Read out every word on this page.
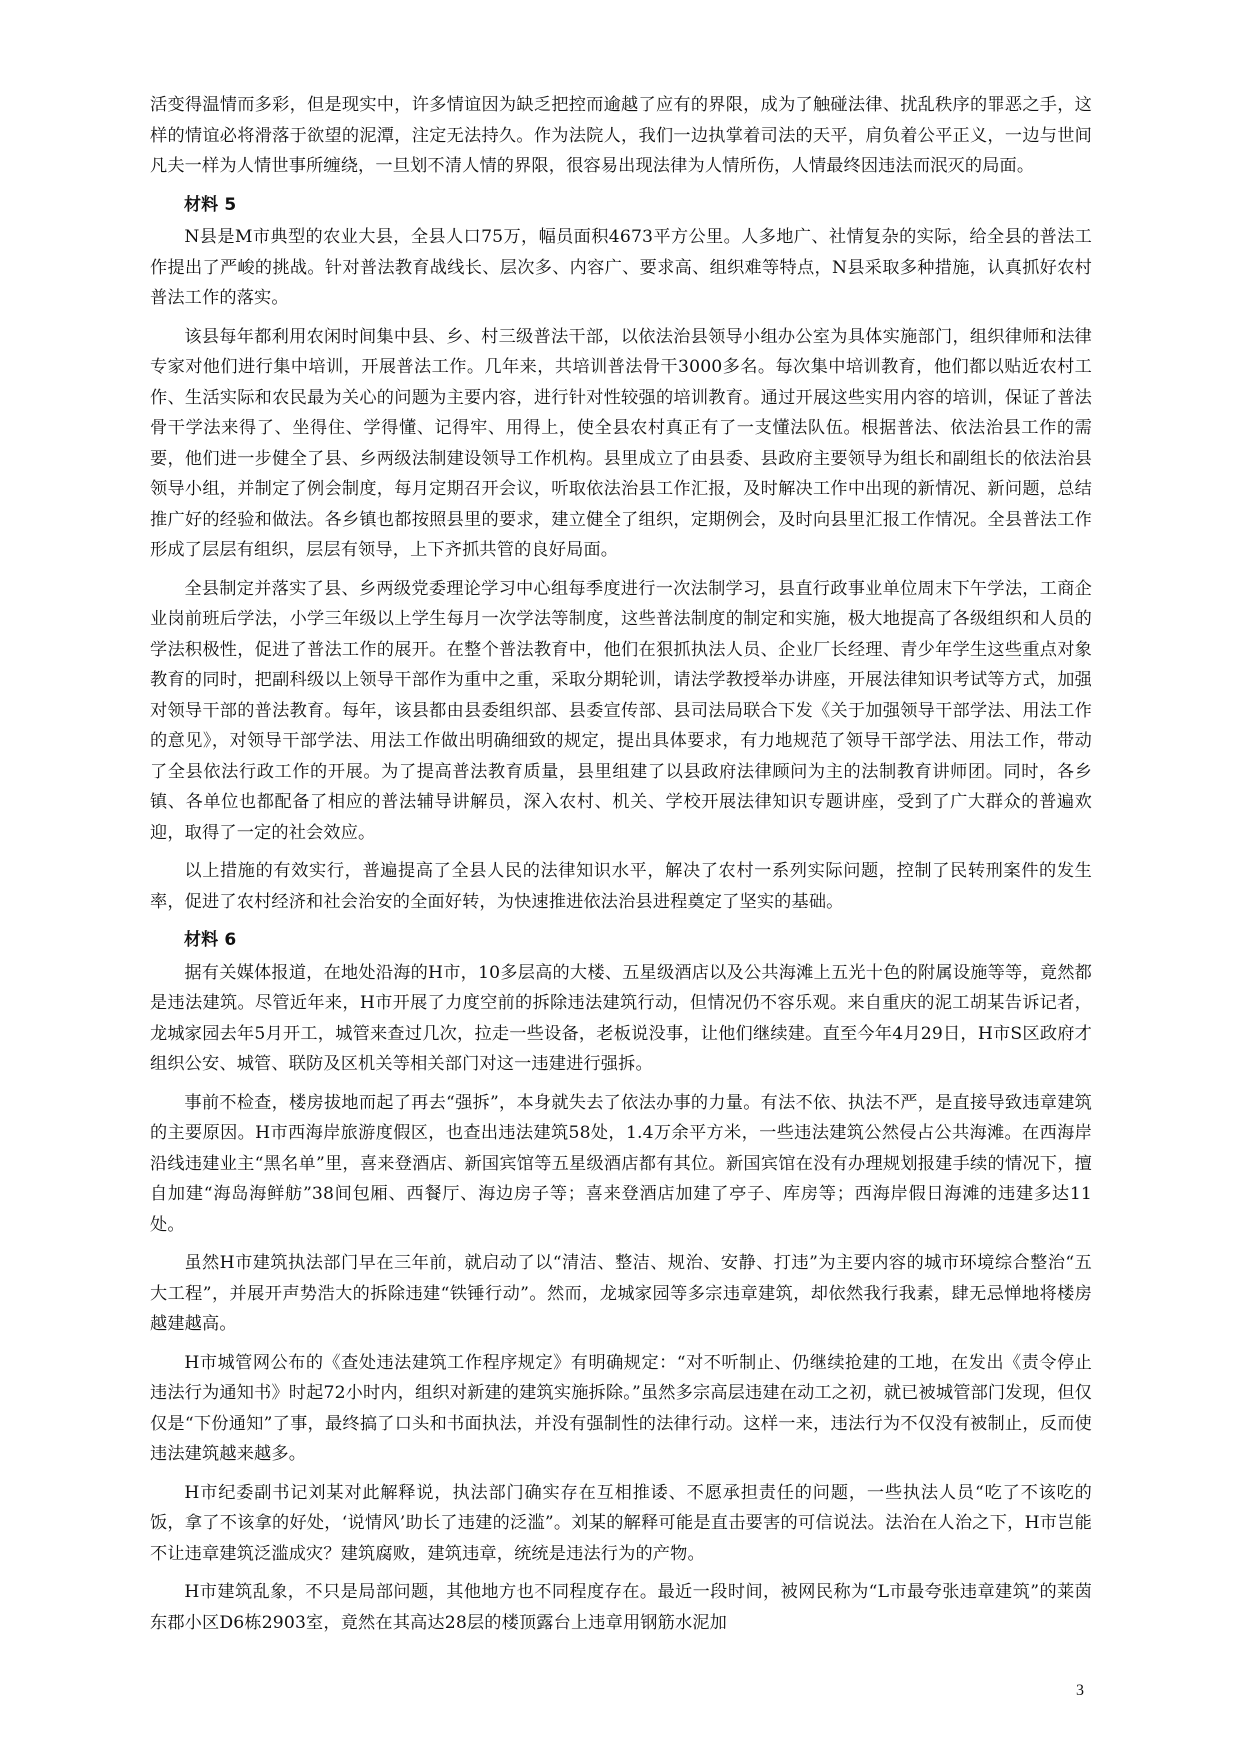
活变得温情而多彩，但是现实中，许多情谊因为缺乏把控而逾越了应有的界限，成为了触碰法律、扰乱秩序的罪恶之手，这样的情谊必将滑落于欲望的泥潭，注定无法持久。作为法院人，我们一边执掌着司法的天平，肩负着公平正义，一边与世间凡夫一样为人情世事所缠绕，一旦划不清人情的界限，很容易出现法律为人情所伤，人情最终因违法而泯灭的局面。

材料 5

N县是M市典型的农业大县，全县人口75万，幅员面积4673平方公里。人多地广、社情复杂的实际，给全县的普法工作提出了严峻的挑战。针对普法教育战线长、层次多、内容广、要求高、组织难等特点，N县采取多种措施，认真抓好农村普法工作的落实。

该县每年都利用农闲时间集中县、乡、村三级普法干部，以依法治县领导小组办公室为具体实施部门，组织律师和法律专家对他们进行集中培训，开展普法工作。几年来，共培训普法骨干3000多名。每次集中培训教育，他们都以贴近农村工作、生活实际和农民最为关心的问题为主要内容，进行针对性较强的培训教育。通过开展这些实用内容的培训，保证了普法骨干学法来得了、坐得住、学得懂、记得牢、用得上，使全县农村真正有了一支懂法队伍。根据普法、依法治县工作的需要，他们进一步健全了县、乡两级法制建设领导工作机构。县里成立了由县委、县政府主要领导为组长和副组长的依法治县领导小组，并制定了例会制度，每月定期召开会议，听取依法治县工作汇报，及时解决工作中出现的新情况、新问题，总结推广好的经验和做法。各乡镇也都按照县里的要求，建立健全了组织，定期例会，及时向县里汇报工作情况。全县普法工作形成了层层有组织，层层有领导，上下齐抓共管的良好局面。

全县制定并落实了县、乡两级党委理论学习中心组每季度进行一次法制学习，县直行政事业单位周末下午学法，工商企业岗前班后学法，小学三年级以上学生每月一次学法等制度，这些普法制度的制定和实施，极大地提高了各级组织和人员的学法积极性，促进了普法工作的展开。在整个普法教育中，他们在狠抓执法人员、企业厂长经理、青少年学生这些重点对象教育的同时，把副科级以上领导干部作为重中之重，采取分期轮训，请法学教授举办讲座，开展法律知识考试等方式，加强对领导干部的普法教育。每年，该县都由县委组织部、县委宣传部、县司法局联合下发《关于加强领导干部学法、用法工作的意见》，对领导干部学法、用法工作做出明确细致的规定，提出具体要求，有力地规范了领导干部学法、用法工作，带动了全县依法行政工作的开展。为了提高普法教育质量，县里组建了以县政府法律顾问为主的法制教育讲师团。同时，各乡镇、各单位也都配备了相应的普法辅导讲解员，深入农村、机关、学校开展法律知识专题讲座，受到了广大群众的普遍欢迎，取得了一定的社会效应。

以上措施的有效实行，普遍提高了全县人民的法律知识水平，解决了农村一系列实际问题，控制了民转刑案件的发生率，促进了农村经济和社会治安的全面好转，为快速推进依法治县进程奠定了坚实的基础。

材料 6

据有关媒体报道，在地处沿海的H市，10多层高的大楼、五星级酒店以及公共海滩上五光十色的附属设施等等，竟然都是违法建筑。尽管近年来，H市开展了力度空前的拆除违法建筑行动，但情况仍不容乐观。来自重庆的泥工胡某告诉记者，龙城家园去年5月开工，城管来查过几次，拉走一些设备，老板说没事，让他们继续建。直至今年4月29日，H市S区政府才组织公安、城管、联防及区机关等相关部门对这一违建进行强拆。

事前不检查，楼房拔地而起了再去“强拆”，本身就失去了依法办事的力量。有法不依、执法不严，是直接导致违章建筑的主要原因。H市西海岸旅游度假区，也查出违法建筑58处，1.4万余平方米，一些违法建筑公然侵占公共海滩。在西海岸沿线违建业主“黑名单”里，喜来登酒店、新国宾馆等五星级酒店都有其位。新国宾馆在没有办理规划报建手续的情况下，擅自加建“海岛海鲜舫”38间包厢、西餐厅、海边房子等；喜来登酒店加建了亭子、库房等；西海岸假日海滩的违建多达11处。

虽然H市建筑执法部门早在三年前，就启动了以“清洁、整洁、规治、安静、打违”为主要内容的城市环境综合整治“五大工程”，并展开声势浩大的拆除违建“铁锤行动”。然而，龙城家园等多宗违章建筑，却依然我行我素，肆无忌惮地将楼房越建越高。

H市城管网公布的《查处违法建筑工作程序规定》有明确规定：“对不听制止、仍继续抢建的工地，在发出《责令停止违法行为通知书》时起72小时内，组织对新建的建筑实施拆除。”虽然多宗高层违建在动工之初，就已被城管部门发现，但仅仅是“下份通知”了事，最终搞了口头和书面执法，并没有强制性的法律行动。这样一来，违法行为不仅没有被制止，反而使违法建筑越来越多。

H市纪委副书记刘某对此解释说，执法部门确实存在互相推诿、不愿承担责任的问题，一些执法人员“吃了不该吃的饭，拿了不该拿的好处，‘说情风’助长了违建的泛滥”。刘某的解释可能是直击要害的可信说法。法治在人治之下，H市岂能不让违章建筑泛滥成灾？建筑腐败，建筑违章，统统是违法行为的产物。

H市建筑乱象，不只是局部问题，其他地方也不同程度存在。最近一段时间，被网民称为“L市最夸张违章建筑”的莱茵东郡小区D6栋2903室，竟然在其高达28层的楼顶露台上违章用钢筋水泥加

3
